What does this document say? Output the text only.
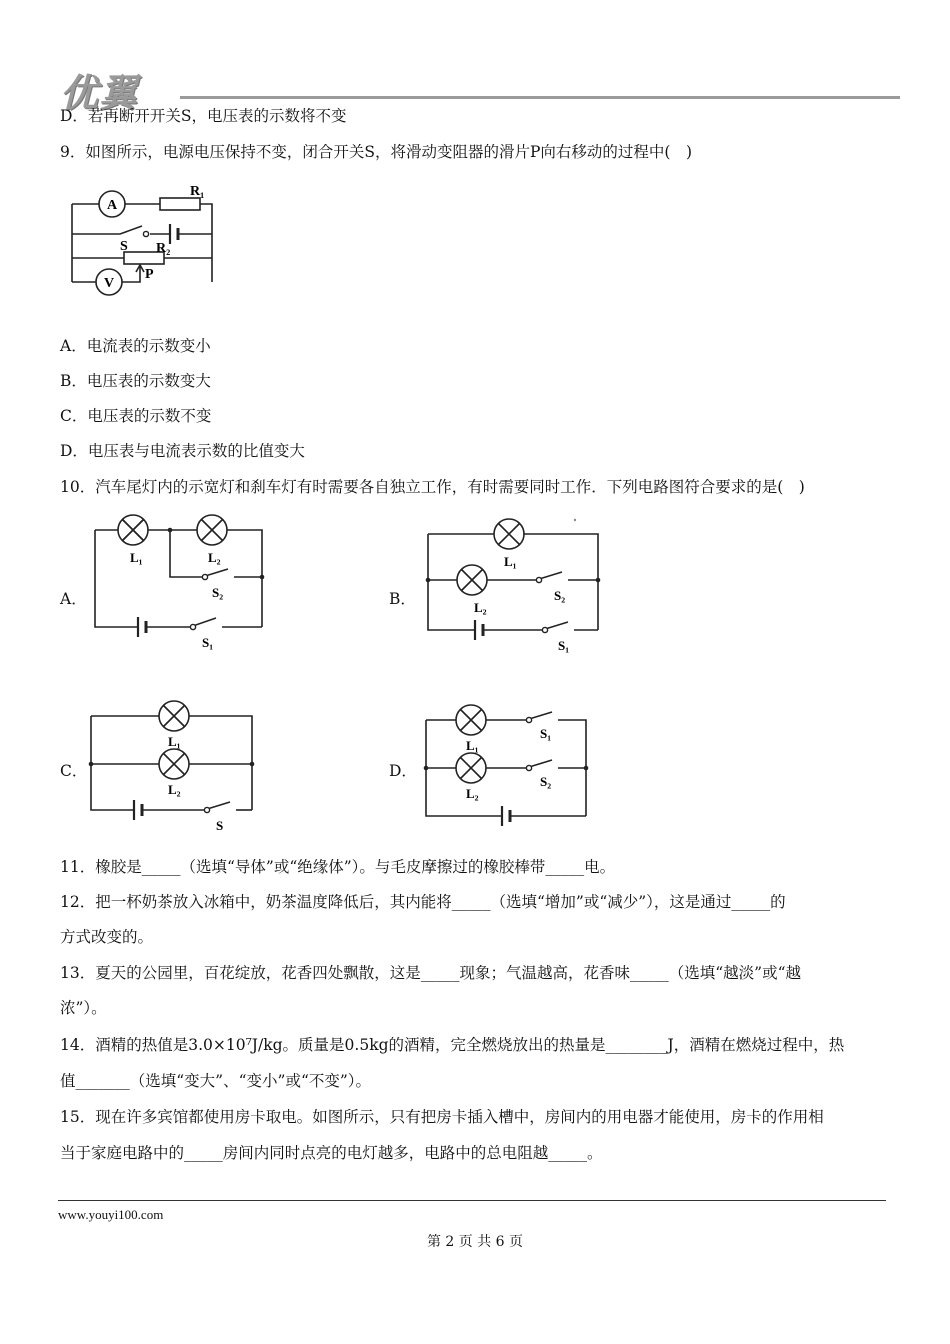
优翼
D．若再断开开关S，电压表的示数将不变
9．如图所示，电源电压保持不变，闭合开关S，将滑动变阻器的滑片P向右移动的过程中(　)
A
V
R₁
S R₂
P
A．电流表的示数变小
B．电压表的示数变大
C．电压表的示数不变
D．电压表与电流表示数的比值变大
10．汽车尾灯内的示宽灯和刹车灯有时需要各自独立工作，有时需要同时工作．下列电路图符合要求的是(　)
A．	B．
C．	D．
L₁	L₂
S₂
S₁
L₁
L₂
S₂
S₁
L₁
L₂
S
L₁
L₂
S₁
S₂
11．橡胶是_____（选填“导体”或“绝缘体”）。与毛皮摩擦过的橡胶棒带_____电。
12．把一杯奶茶放入冰箱中，奶茶温度降低后，其内能将_____（选填“增加”或“减少”），这是通过_____的
方式改变的。
13．夏天的公园里，百花绽放，花香四处飘散，这是_____现象；气温越高，花香味_____（选填“越淡”或“越
浓”）。
14．酒精的热值是3.0×10⁷J/kg。质量是0.5kg的酒精，完全燃烧放出的热量是________J，酒精在燃烧过程中，热
值_______（选填“变大”、“变小”或“不变”）。
15．现在许多宾馆都使用房卡取电。如图所示，只有把房卡插入槽中，房间内的用电器才能使用，房卡的作用相
当于家庭电路中的_____房间内同时点亮的电灯越多，电路中的总电阻越_____。
www.youyi100.com
第 2 页 共 6 页
